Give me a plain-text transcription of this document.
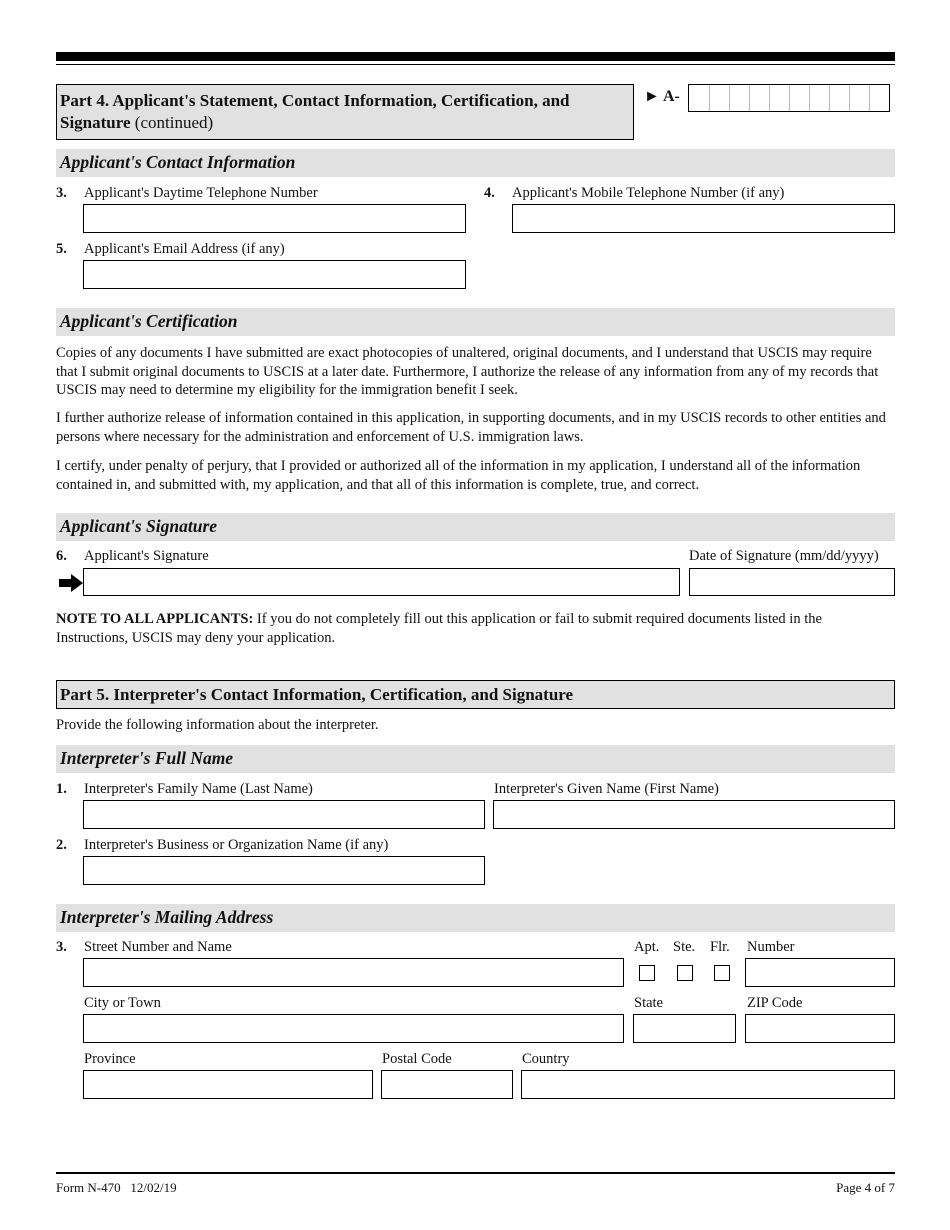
Part 4. Applicant's Statement, Contact Information, Certification, and
Signature (continued)
► A-
Applicant's Contact Information
3. Applicant's Daytime Telephone Number	4. Applicant's Mobile Telephone Number (if any)
5. Applicant's Email Address (if any)
Applicant's Certification
Copies of any documents I have submitted are exact photocopies of unaltered, original documents, and I understand that USCIS may require that I submit original documents to USCIS at a later date. Furthermore, I authorize the release of any information from any of my records that USCIS may need to determine my eligibility for the immigration benefit I seek.
I further authorize release of information contained in this application, in supporting documents, and in my USCIS records to other entities and persons where necessary for the administration and enforcement of U.S. immigration laws.
I certify, under penalty of perjury, that I provided or authorized all of the information in my application, I understand all of the information contained in, and submitted with, my application, and that all of this information is complete, true, and correct.
Applicant's Signature
6. Applicant's Signature	Date of Signature (mm/dd/yyyy)
NOTE TO ALL APPLICANTS: If you do not completely fill out this application or fail to submit required documents listed in the Instructions, USCIS may deny your application.
Part 5. Interpreter's Contact Information, Certification, and Signature
Provide the following information about the interpreter.
Interpreter's Full Name
1. Interpreter's Family Name (Last Name)	Interpreter's Given Name (First Name)
2. Interpreter's Business or Organization Name (if any)
Interpreter's Mailing Address
3. Street Number and Name	Apt. Ste. Flr. Number
City or Town	State	ZIP Code
Province	Postal Code	Country
Form N-470   12/02/19	Page 4 of 7
